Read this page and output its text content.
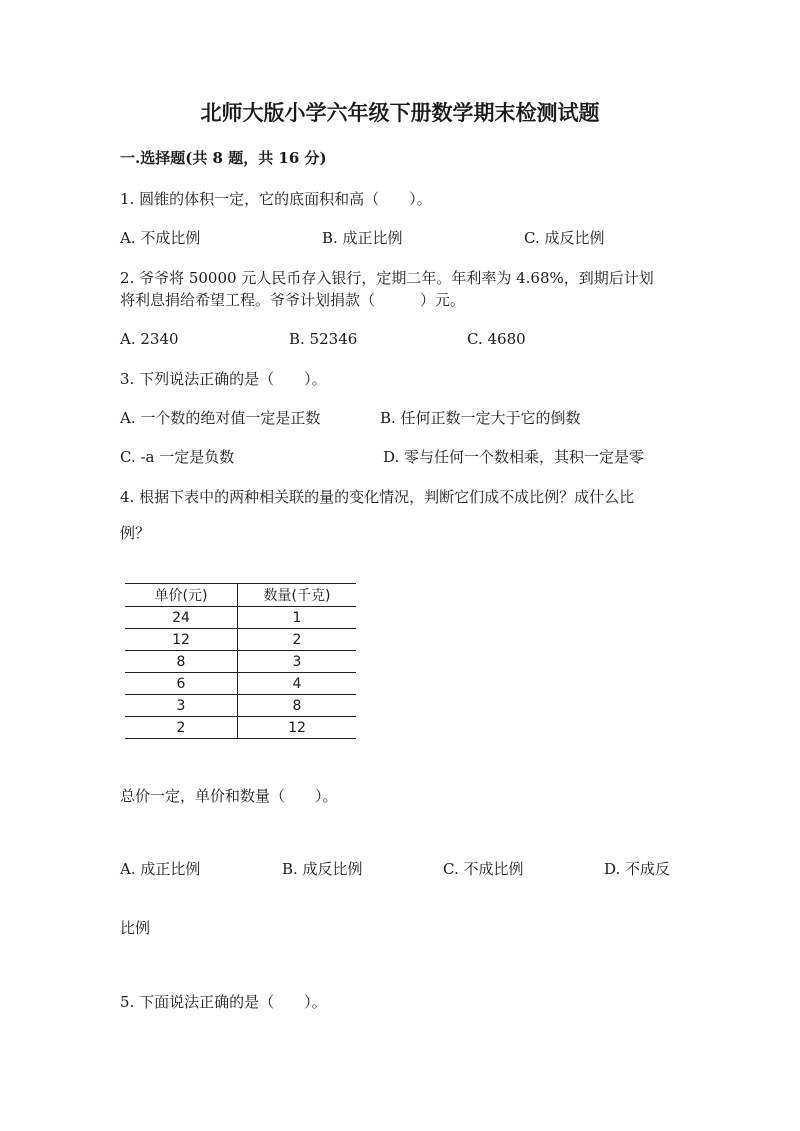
北师大版小学六年级下册数学期末检测试题
一.选择题(共 8 题，共 16 分)
1. 圆锥的体积一定，它的底面积和高（　　）。
A. 不成比例	B. 成正比例	C. 成反比例
2. 爷爷将 50000 元人民币存入银行，定期二年。年利率为 4.68%，到期后计划
将利息捐给希望工程。爷爷计划捐款（　　　）元。
A. 2340	B. 52346	C. 4680
3. 下列说法正确的是（　　）。
A. 一个数的绝对值一定是正数	B. 任何正数一定大于它的倒数
C. -a 一定是负数	D. 零与任何一个数相乘，其积一定是零
4. 根据下表中的两种相关联的量的变化情况，判断它们成不成比例？成什么比
例？
单价(元)	数量(千克)
24	1
12	2
8	3
6	4
3	8
2	12
总价一定，单价和数量（　　）。
A. 成正比例	B. 成反比例	C. 不成比例	D. 不成反
比例
5. 下面说法正确的是（　　）。
